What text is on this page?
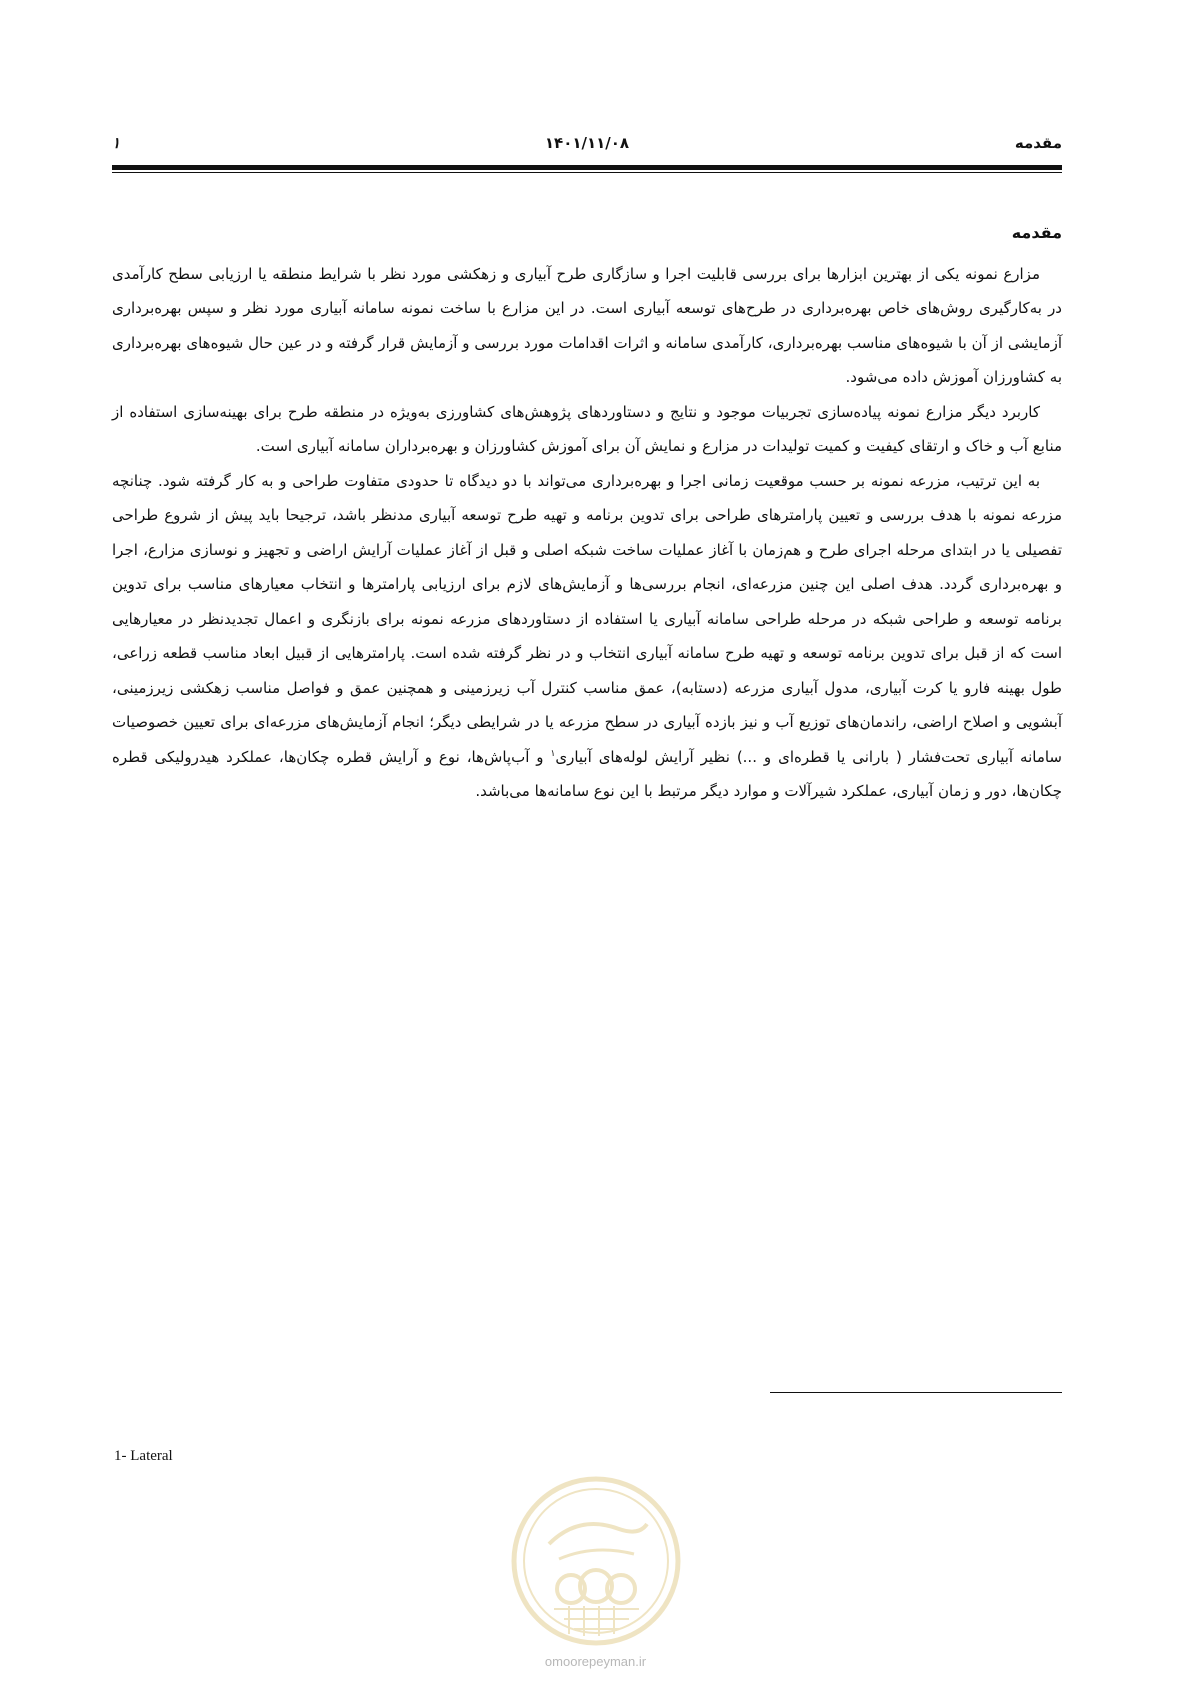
مقدمه
۱۴۰۱/۱۱/۰۸
۱
مقدمه

مزارع نمونه یکی از بهترین ابزارها برای بررسی قابلیت اجرا و سازگاری طرح آبیاری و زهکشی مورد نظر با شرایط منطقه یا ارزیابی سطح کارآمدی در به‌کارگیری روش‌های خاص بهره‌برداری در طرح‌های توسعه آبیاری است. در این مزارع با ساخت نمونه سامانه آبیاری مورد نظر و سپس بهره‌برداری آزمایشی از آن با شیوه‌های مناسب بهره‌برداری، کارآمدی سامانه و اثرات اقدامات مورد بررسی و آزمایش قرار گرفته و در عین حال شیوه‌های بهره‌برداری به کشاورزان آموزش داده می‌شود.

کاربرد دیگر مزارع نمونه پیاده‌سازی تجربیات موجود و نتایج و دستاوردهای پژوهش‌های کشاورزی به‌ویژه در منطقه طرح برای بهینه‌سازی استفاده از منابع آب و خاک و ارتقای کیفیت و کمیت تولیدات در مزارع و نمایش آن برای آموزش کشاورزان و بهره‌برداران سامانه آبیاری است.

به این ترتیب، مزرعه نمونه بر حسب موقعیت زمانی اجرا و بهره‌برداری می‌تواند با دو دیدگاه تا حدودی متفاوت طراحی و به کار گرفته شود. چنانچه مزرعه نمونه با هدف بررسی و تعیین پارامترهای طراحی برای تدوین برنامه و تهیه طرح توسعه آبیاری مدنظر باشد، ترجیحا باید پیش از شروع طراحی تفصیلی یا در ابتدای مرحله اجرای طرح و هم‌زمان با آغاز عملیات ساخت شبکه اصلی و قبل از آغاز عملیات آرایش اراضی و تجهیز و نوسازی مزارع، اجرا و بهره‌برداری گردد. هدف اصلی این چنین مزرعه‌ای، انجام بررسی‌ها و آزمایش‌های لازم برای ارزیابی پارامترها و انتخاب معیارهای مناسب برای تدوین برنامه توسعه و طراحی شبکه در مرحله طراحی سامانه آبیاری یا استفاده از دستاوردهای مزرعه نمونه برای بازنگری و اعمال تجدیدنظر در معیارهایی است که از قبل برای تدوین برنامه توسعه و تهیه طرح سامانه آبیاری انتخاب و در نظر گرفته شده است. پارامترهایی از قبیل ابعاد مناسب قطعه زراعی، طول بهینه فارو یا کرت آبیاری، مدول آبیاری مزرعه (دستابه)، عمق مناسب کنترل آب زیرزمینی و همچنین عمق و فواصل مناسب زهکشی زیرزمینی، آبشویی و اصلاح اراضی، راندمان‌های توزیع آب و نیز بازده آبیاری در سطح مزرعه یا در شرایطی دیگر؛ انجام آزمایش‌های مزرعه‌ای برای تعیین خصوصیات سامانه آبیاری تحت‌فشار ( بارانی یا قطره‌ای و ...) نظیر آرایش لوله‌های آبیاری$^۱$ و آب‌پاش‌ها، نوع و آرایش قطره چکان‌ها، عملکرد هیدرولیکی قطره چکان‌ها، دور و زمان آبیاری، عملکرد شیرآلات و موارد دیگر مرتبط با این نوع سامانه‌ها می‌باشد.

1- Lateral
omoorepeyman.ir
